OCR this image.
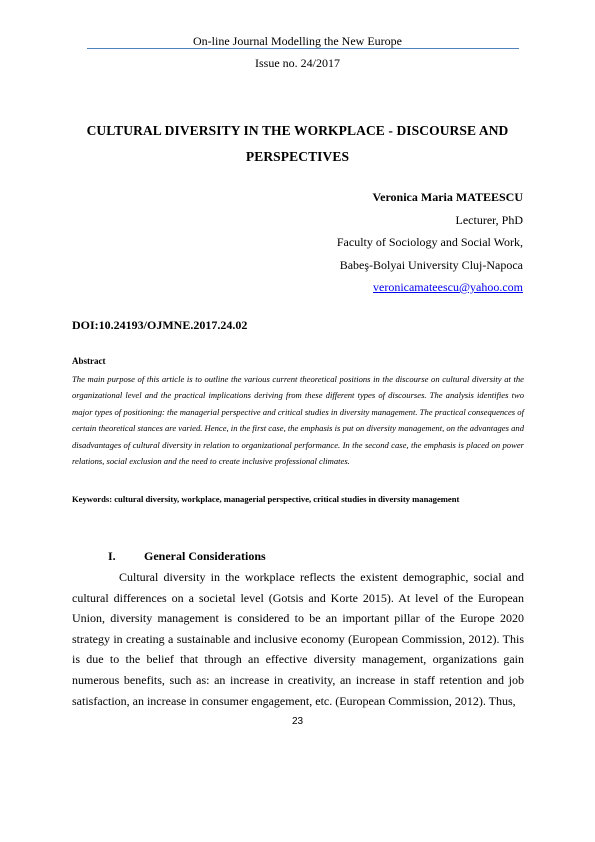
On-line Journal Modelling the New Europe
Issue no. 24/2017
CULTURAL DIVERSITY IN THE WORKPLACE - DISCOURSE AND PERSPECTIVES
Veronica Maria MATEESCU
Lecturer, PhD
Faculty of Sociology and Social Work,
Babeş-Bolyai University Cluj-Napoca
veronicamateescu@yahoo.com
DOI:10.24193/OJMNE.2017.24.02
Abstract
The main purpose of this article is to outline the various current theoretical positions in the discourse on cultural diversity at the organizational level and the practical implications deriving from these different types of discourses. The analysis identifies two major types of positioning: the managerial perspective and critical studies in diversity management. The practical consequences of certain theoretical stances are varied. Hence, in the first case, the emphasis is put on diversity management, on the advantages and disadvantages of cultural diversity in relation to organizational performance. In the second case, the emphasis is placed on power relations, social exclusion and the need to create inclusive professional climates.
Keywords: cultural diversity, workplace, managerial perspective, critical studies in diversity management
I. General Considerations

Cultural diversity in the workplace reflects the existent demographic, social and cultural differences on a societal level (Gotsis and Korte 2015). At level of the European Union, diversity management is considered to be an important pillar of the Europe 2020 strategy in creating a sustainable and inclusive economy (European Commission, 2012). This is due to the belief that through an effective diversity management, organizations gain numerous benefits, such as: an increase in creativity, an increase in staff retention and job satisfaction, an increase in consumer engagement, etc. (European Commission, 2012). Thus,

23
